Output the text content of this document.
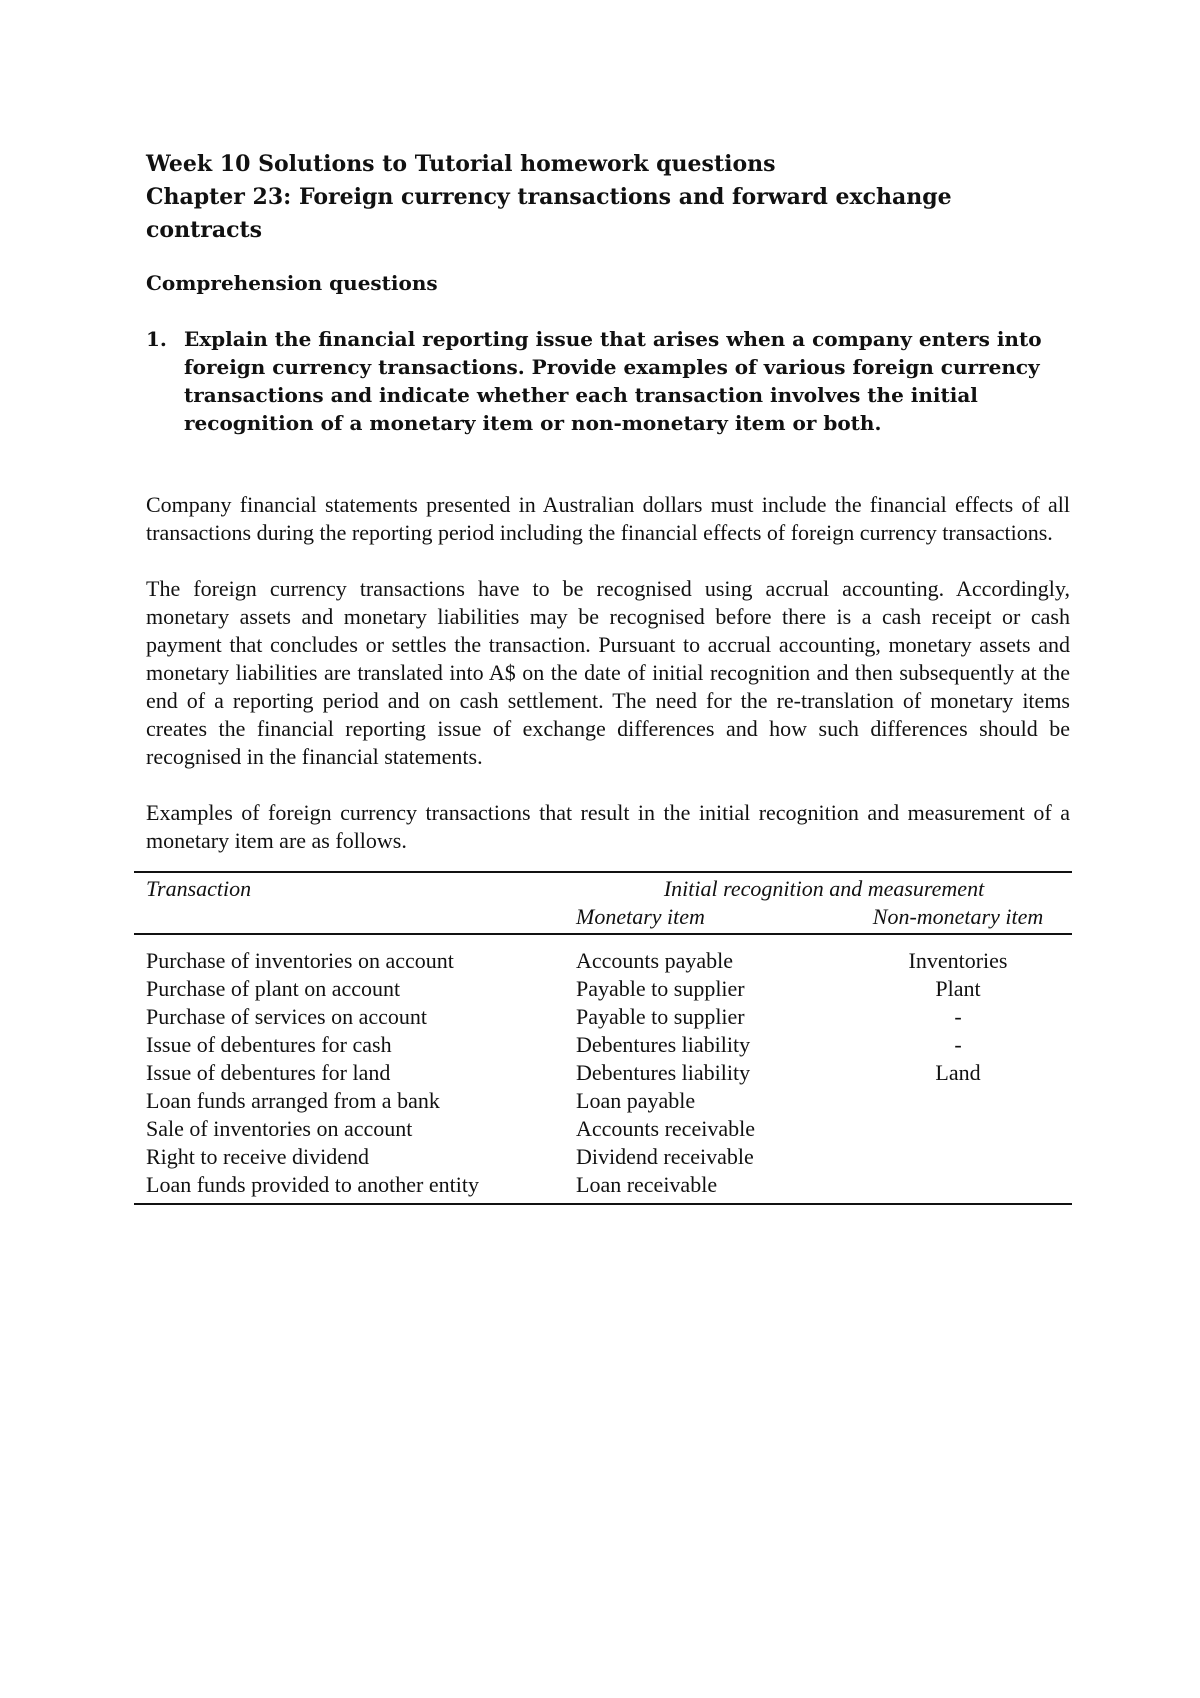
Week 10 Solutions to Tutorial homework questions

Chapter 23: Foreign currency transactions and forward exchange contracts

Comprehension questions

1. Explain the financial reporting issue that arises when a company enters into foreign currency transactions. Provide examples of various foreign currency transactions and indicate whether each transaction involves the initial recognition of a monetary item or non-monetary item or both.

Company financial statements presented in Australian dollars must include the financial effects of all transactions during the reporting period including the financial effects of foreign currency transactions.

The foreign currency transactions have to be recognised using accrual accounting. Accordingly, monetary assets and monetary liabilities may be recognised before there is a cash receipt or cash payment that concludes or settles the transaction. Pursuant to accrual accounting, monetary assets and monetary liabilities are translated into A$ on the date of initial recognition and then subsequently at the end of a reporting period and on cash settlement. The need for the re-translation of monetary items creates the financial reporting issue of exchange differences and how such differences should be recognised in the financial statements.

Examples of foreign currency transactions that result in the initial recognition and measurement of a monetary item are as follows.

Transaction	Initial recognition and measurement	
	Monetary item	Non-monetary item
Purchase of inventories on account	Accounts payable	Inventories
Purchase of plant on account	Payable to supplier	Plant
Purchase of services on account	Payable to supplier	-
Issue of debentures for cash	Debentures liability	-
Issue of debentures for land	Debentures liability	Land
Loan funds arranged from a bank	Loan payable	
Sale of inventories on account	Accounts receivable	
Right to receive dividend	Dividend receivable	
Loan funds provided to another entity	Loan receivable	
